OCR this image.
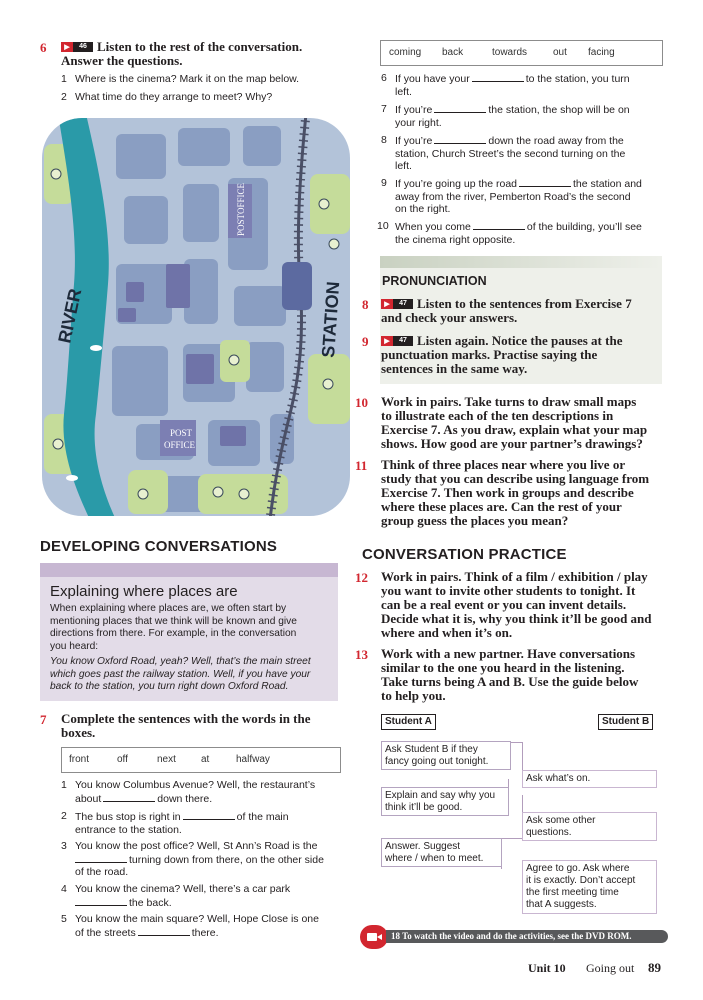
6	▶ 46 Listen to the rest of the conversation.
Answer the questions.
1 Where is the cinema? Mark it on the map below.
2 What time do they arrange to meet? Why?
RIVER	STATION
POST
OFFICE
POST
OFFICE
coming back	towards	out facing
6 If you have your	to the station, you turn
left.
7 If you’re	the station, the shop will be on
your right.
8 If you’re	down the road away from the
station, Church Street’s the second turning on the
left.
9 If you’re going up the road	the station and
away from the river, Pemberton Road’s the second
on the right.
10 When you come	of the building, you’ll see
the cinema right opposite.
PRONUNCIATION
8	▶ 47 Listen to the sentences from Exercise 7
and check your answers.
9	▶ 47 Listen again. Notice the pauses at the
punctuation marks. Practise saying the
sentences in the same way.
10 Work in pairs. Take turns to draw small maps
to illustrate each of the ten descriptions in
Exercise 7. As you draw, explain what your map
shows. How good are your partner’s drawings?
11 Think of three places near where you live or
study that you can describe using language from
Exercise 7. Then work in groups and describe
where these places are. Can the rest of your
group guess the places you mean?
DEVELOPING CONVERSATIONS
Explaining where places are
When explaining where places are, we often start by
mentioning places that we think will be known and give
directions from there. For example, in the conversation
you heard:
You know Oxford Road, yeah? Well, that’s the main street
which goes past the railway station. Well, if you have your
back to the station, you turn right down Oxford Road.
7 Complete the sentences with the words in the
boxes.
front	off	next	at	halfway
1 You know Columbus Avenue? Well, the restaurant’s
about	down there.
2 The bus stop is right in	of the main
entrance to the station.
3 You know the post office? Well, St Ann’s Road is the
turning down from there, on the other side
of the road.
4 You know the cinema? Well, there’s a car park
the back.
5 You know the main square? Well, Hope Close is one
of the streets	there.
CONVERSATION PRACTICE
12 Work in pairs. Think of a film / exhibition / play
you want to invite other students to tonight. It
can be a real event or you can invent details.
Decide what it is, why you think it’ll be good and
where and when it’s on.
13 Work with a new partner. Have conversations
similar to the one you heard in the listening.
Take turns being A and B. Use the guide below
to help you.
Student A	Student B
Ask Student B if they
fancy going out tonight.
Ask what’s on.
Explain and say why you
think it’ll be good.
Ask some other
questions.
Answer. Suggest
where / when to meet.
Agree to go. Ask where
it is exactly. Don’t accept
the first meeting time
that A suggests.
18 To watch the video and do the activities, see the DVD ROM.
Unit 10 Going out 89
